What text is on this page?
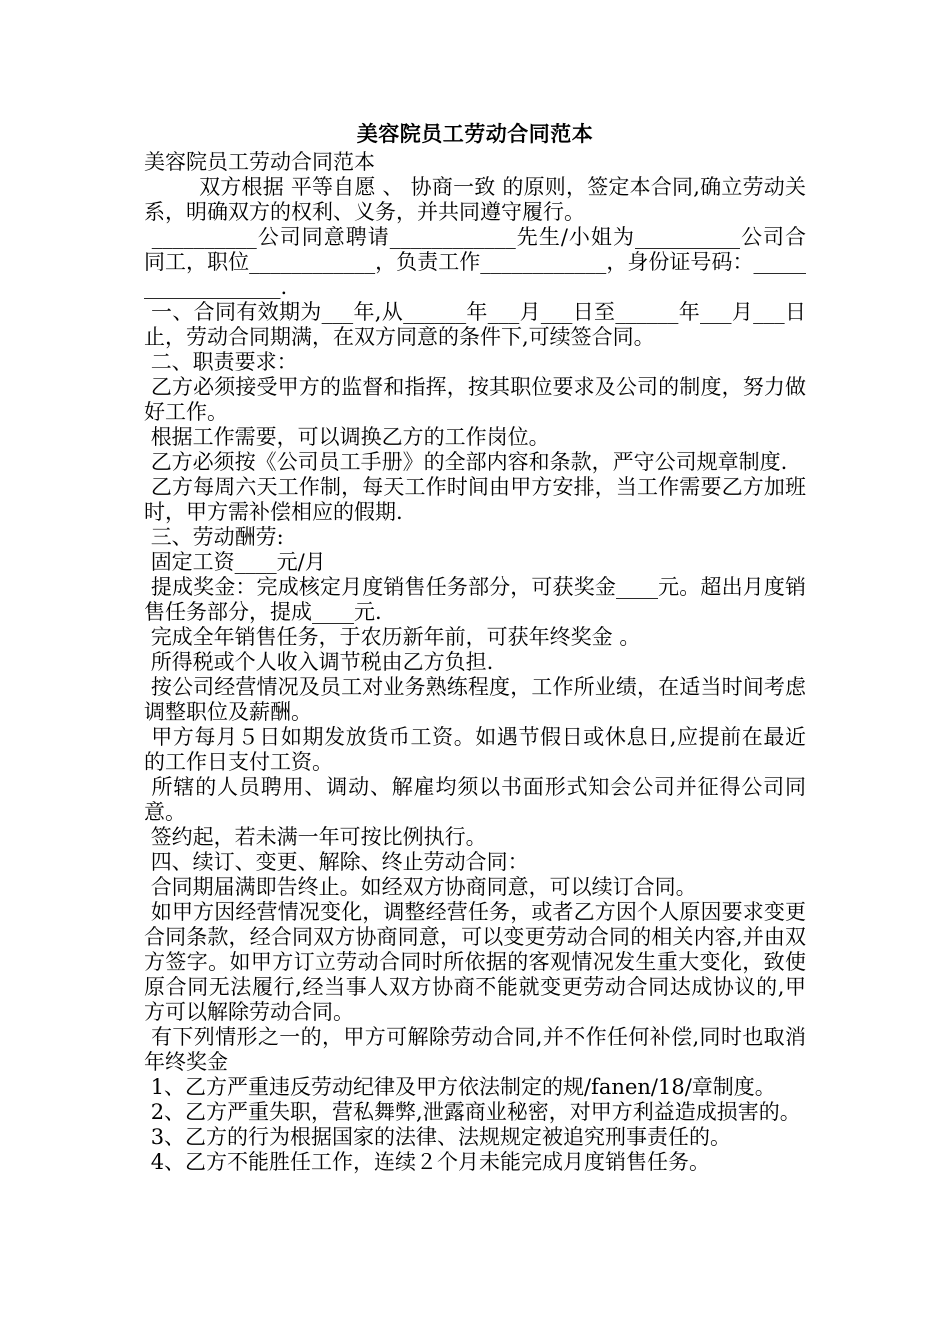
美容院员工劳动合同范本
美容院员工劳动合同范本
双方根据 平等自愿 、 协商一致 的原则，签定本合同,确立劳动关系，明确双方的权利、义务，并共同遵守履行。
__________公司同意聘请____________先生/小姐为__________公司合同工，职位____________，负责工作____________，身份证号码：__________________.
一、合同有效期为___年,从______年___月___日至______年___月___日止，劳动合同期满，在双方同意的条件下,可续签合同。
二、职责要求：
乙方必须接受甲方的监督和指挥，按其职位要求及公司的制度，努力做好工作。
根据工作需要，可以调换乙方的工作岗位。
乙方必须按《公司员工手册》的全部内容和条款，严守公司规章制度.
乙方每周六天工作制，每天工作时间由甲方安排，当工作需要乙方加班时，甲方需补偿相应的假期.
三、劳动酬劳:
固定工资____元/月
提成奖金：完成核定月度销售任务部分，可获奖金____元。超出月度销售任务部分，提成____元.
完成全年销售任务，于农历新年前，可获年终奖金 。
所得税或个人收入调节税由乙方负担.
按公司经营情况及员工对业务熟练程度，工作所业绩，在适当时间考虑调整职位及薪酬。
甲方每月５日如期发放货币工资。如遇节假日或休息日,应提前在最近的工作日支付工资。
所辖的人员聘用、调动、解雇均须以书面形式知会公司并征得公司同意。
签约起，若未满一年可按比例执行。
四、续订、变更、解除、终止劳动合同：
合同期届满即告终止。如经双方协商同意，可以续订合同。
如甲方因经营情况变化，调整经营任务，或者乙方因个人原因要求变更合同条款，经合同双方协商同意，可以变更劳动合同的相关内容,并由双方签字。如甲方订立劳动合同时所依据的客观情况发生重大变化，致使原合同无法履行,经当事人双方协商不能就变更劳动合同达成协议的,甲方可以解除劳动合同。
有下列情形之一的，甲方可解除劳动合同,并不作任何补偿,同时也取消年终奖金
1、乙方严重违反劳动纪律及甲方依法制定的规/fanen/18/章制度。
2、乙方严重失职，营私舞弊,泄露商业秘密，对甲方利益造成损害的。
3、乙方的行为根据国家的法律、法规规定被追究刑事责任的。
4、乙方不能胜任工作，连续２个月未能完成月度销售任务。
